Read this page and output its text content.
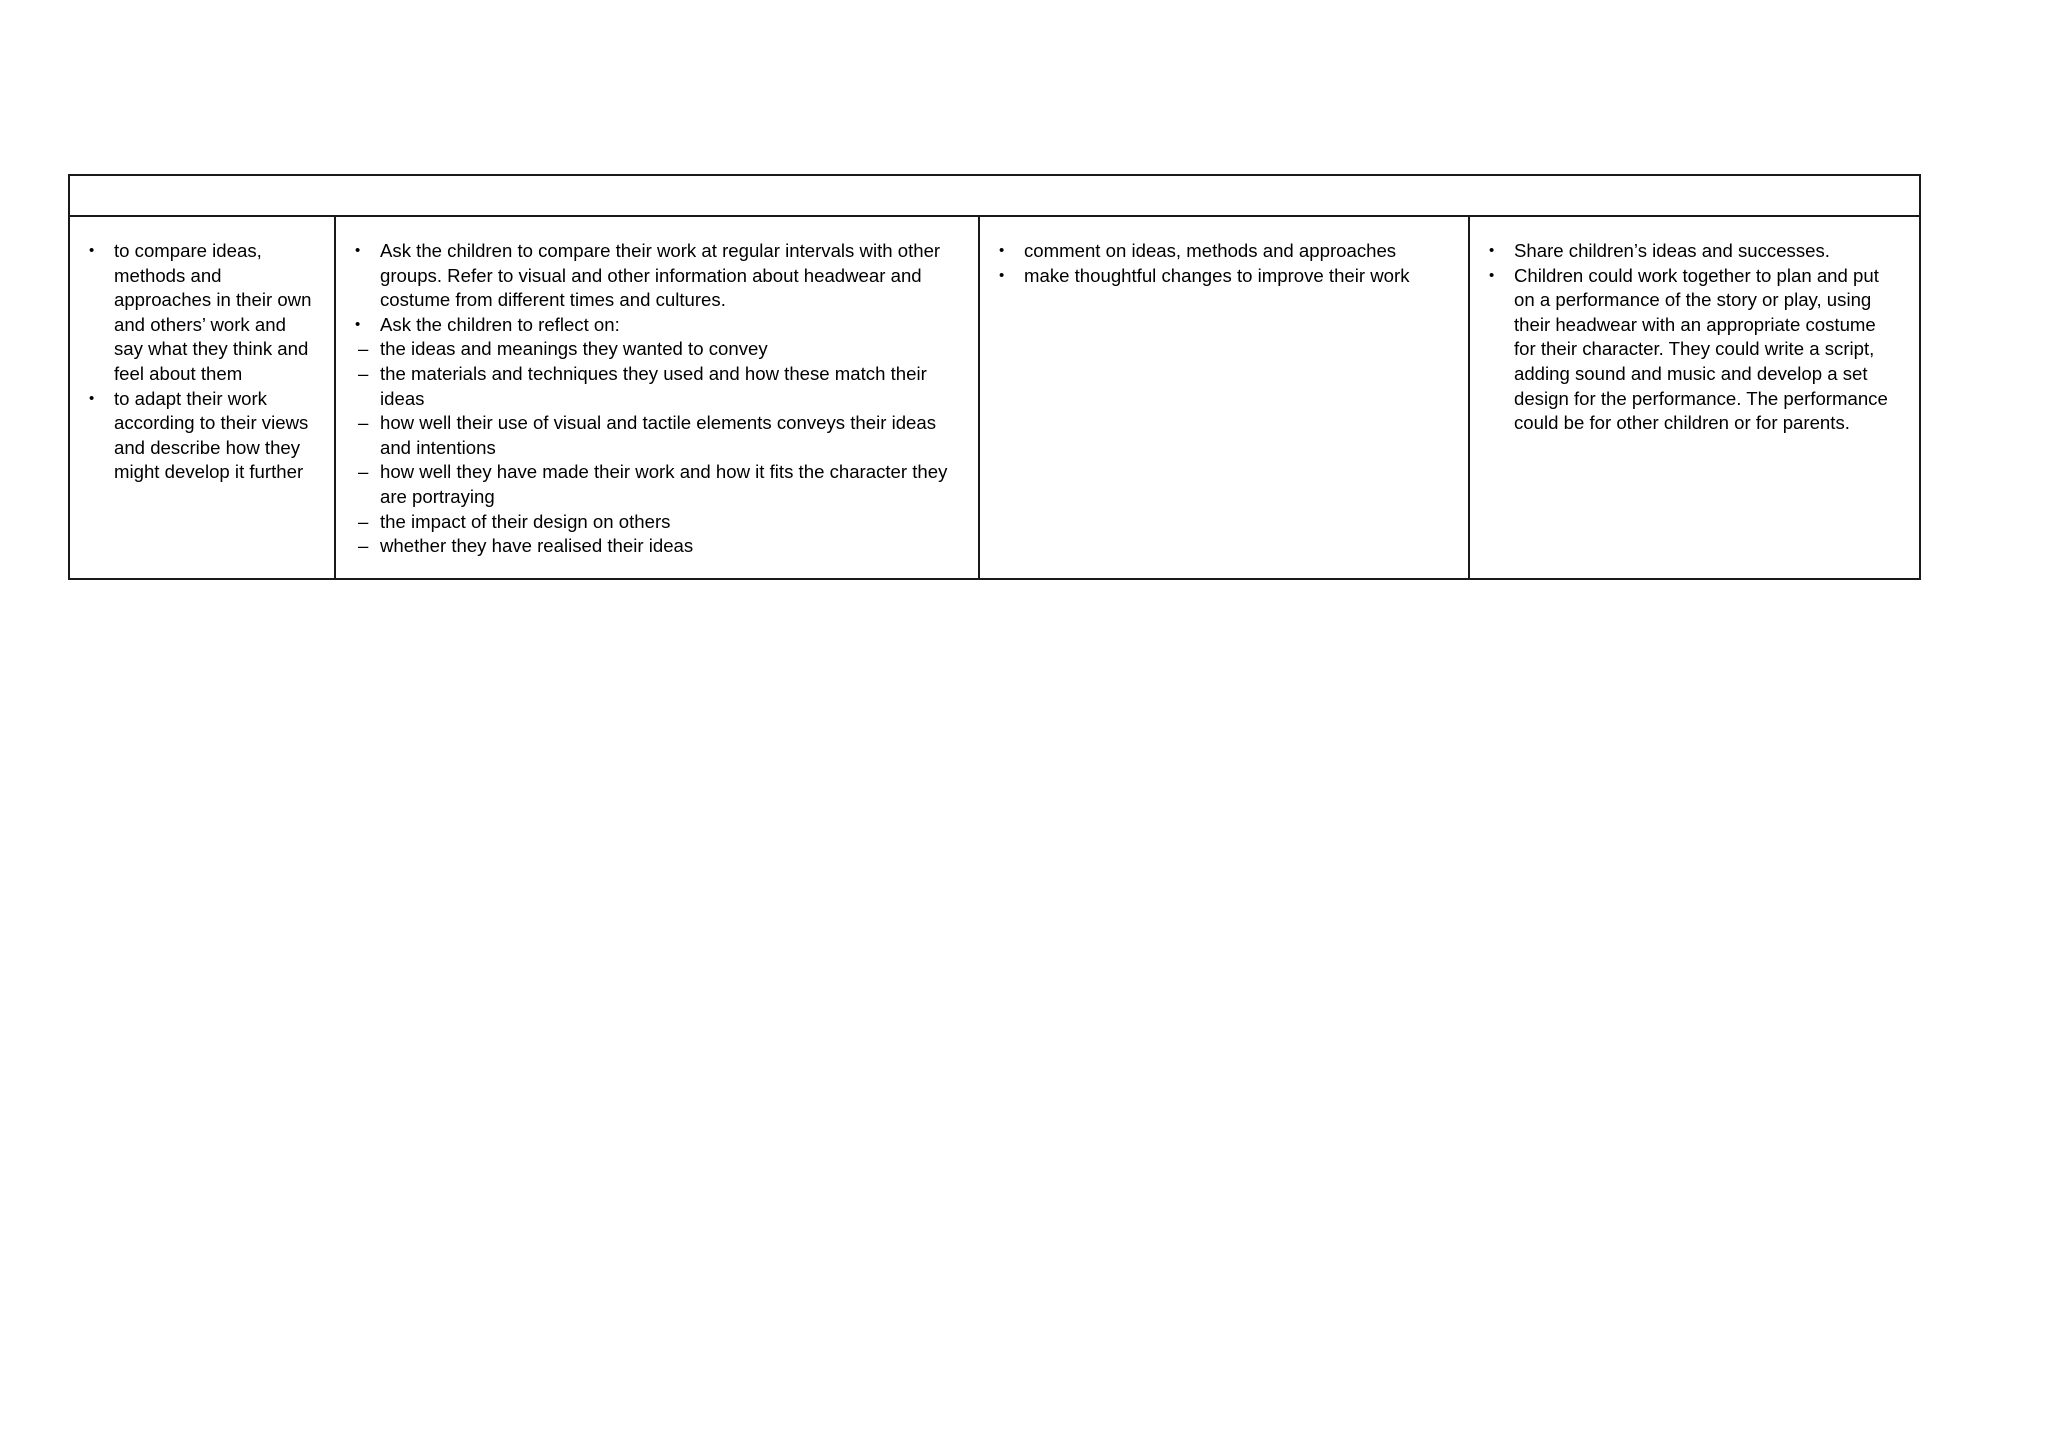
• to compare ideas, methods and approaches in their own and others’ work and say what they think and feel about them
• to adapt their work according to their views and describe how they might develop it further

• Ask the children to compare their work at regular intervals with other groups. Refer to visual and other information about headwear and costume from different times and cultures.
• Ask the children to reflect on:
– the ideas and meanings they wanted to convey
– the materials and techniques they used and how these match their ideas
– how well their use of visual and tactile elements conveys their ideas and intentions
– how well they have made their work and how it fits the character they are portraying
– the impact of their design on others
– whether they have realised their ideas

• comment on ideas, methods and approaches
• make thoughtful changes to improve their work

• Share children’s ideas and successes.
• Children could work together to plan and put on a performance of the story or play, using their headwear with an appropriate costume for their character. They could write a script, adding sound and music and develop a set design for the performance. The performance could be for other children or for parents.
